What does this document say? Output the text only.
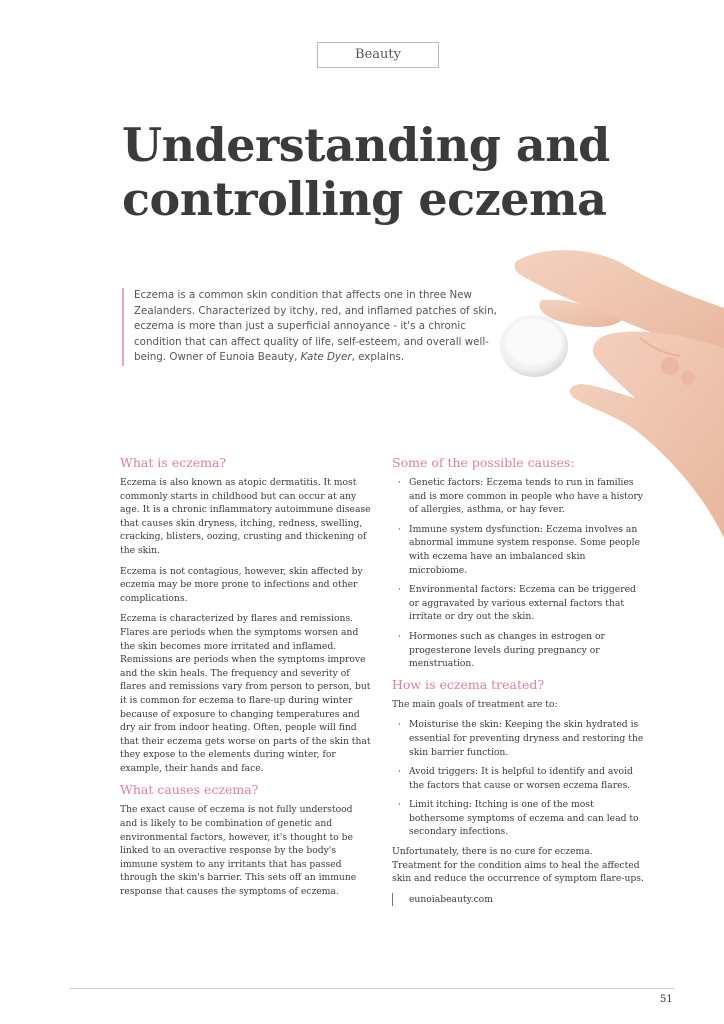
Beauty
Understanding and
controlling eczema
Eczema is a common skin condition that affects one in three New Zealanders. Characterized by itchy, red, and inflamed patches of skin, eczema is more than just a superficial annoyance - it's a chronic condition that can affect quality of life, self-esteem, and overall well-being. Owner of Eunoia Beauty, Kate Dyer, explains.
What is eczema?

Eczema is also known as atopic dermatitis. It most commonly starts in childhood but can occur at any age. It is a chronic inflammatory autoimmune disease that causes skin dryness, itching, redness, swelling, cracking, blisters, oozing, crusting and thickening of the skin.

Eczema is not contagious, however, skin affected by eczema may be more prone to infections and other complications.

Eczema is characterized by flares and remissions. Flares are periods when the symptoms worsen and the skin becomes more irritated and inflamed. Remissions are periods when the symptoms improve and the skin heals. The frequency and severity of flares and remissions vary from person to person, but it is common for eczema to flare-up during winter because of exposure to changing temperatures and dry air from indoor heating. Often, people will find that their eczema gets worse on parts of the skin that they expose to the elements during winter, for example, their hands and face.

What causes eczema?

The exact cause of eczema is not fully understood and is likely to be combination of genetic and environmental factors, however, it's thought to be linked to an overactive response by the body's immune system to any irritants that has passed through the skin's barrier. This sets off an immune response that causes the symptoms of eczema.

Some of the possible causes:
· Genetic factors: Eczema tends to run in families and is more common in people who have a history of allergies, asthma, or hay fever.
· Immune system dysfunction: Eczema involves an abnormal immune system response. Some people with eczema have an imbalanced skin microbiome.
· Environmental factors: Eczema can be triggered or aggravated by various external factors that irritate or dry out the skin.
· Hormones such as changes in estrogen or progesterone levels during pregnancy or menstruation.
How is eczema treated?

The main goals of treatment are to:

· Moisturise the skin: Keeping the skin hydrated is essential for preventing dryness and restoring the skin barrier function.
· Avoid triggers: It is helpful to identify and avoid the factors that cause or worsen eczema flares.
· Limit itching: Itching is one of the most bothersome symptoms of eczema and can lead to secondary infections.

Unfortunately, there is no cure for eczema. Treatment for the condition aims to heal the affected skin and reduce the occurrence of symptom flare-ups.

eunoiabeauty.com
51
